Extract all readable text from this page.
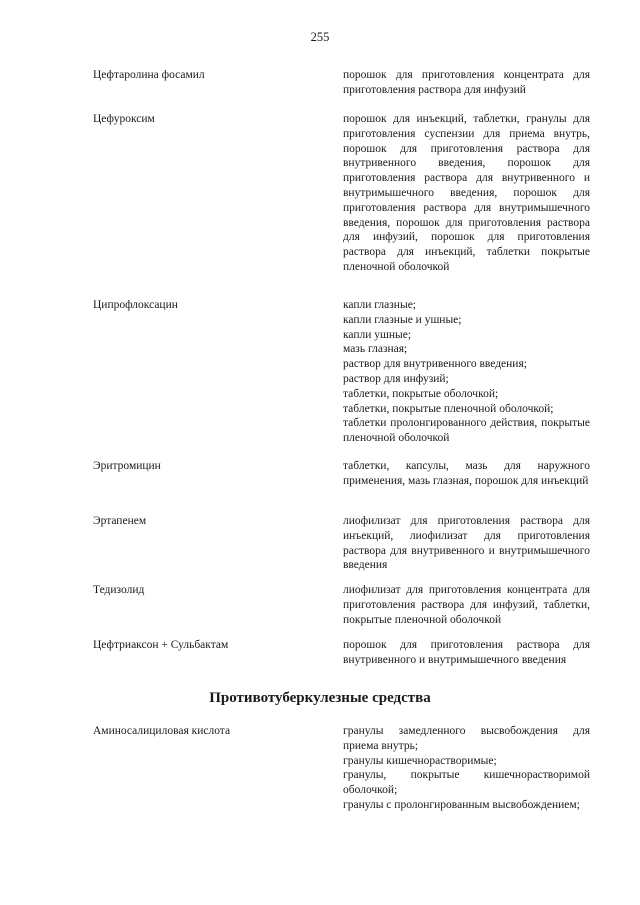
255
Цефтаролина фосамил	порошок для приготовления концентрата для приготовления раствора для инфузий
Цефуроксим	порошок для инъекций, таблетки, гранулы для приготовления суспензии для приема внутрь, порошок для приготовления раствора для внутривенного введения, порошок для приготовления раствора для внутривенного и внутримышечного введения, порошок для приготовления раствора для внутримышечного введения, порошок для приготовления раствора для инфузий, порошок для приготовления раствора для инъекций, таблетки покрытые пленочной оболочкой
Ципрофлоксацин	капли глазные;
капли глазные и ушные;
капли ушные;
мазь глазная;
раствор для внутривенного введения;
раствор для инфузий;
таблетки, покрытые оболочкой;
таблетки, покрытые пленочной оболочкой;
таблетки пролонгированного действия, покрытые пленочной оболочкой
Эритромицин	таблетки, капсулы, мазь для наружного применения, мазь глазная, порошок для инъекций
Эртапенем	лиофилизат для приготовления раствора для инъекций, лиофилизат для приготовления раствора для внутривенного и внутримышечного введения
Тедизолид	лиофилизат для приготовления концентрата для приготовления раствора для инфузий, таблетки, покрытые пленочной оболочкой
Цефтриаксон + Сульбактам	порошок для приготовления раствора для внутривенного и внутримышечного введения
Противотуберкулезные средства
Аминосалициловая кислота	гранулы замедленного высвобождения для приема внутрь;
гранулы кишечнорастворимые;
гранулы, покрытые кишечнорастворимой оболочкой;
гранулы с пролонгированным высвобождением;
